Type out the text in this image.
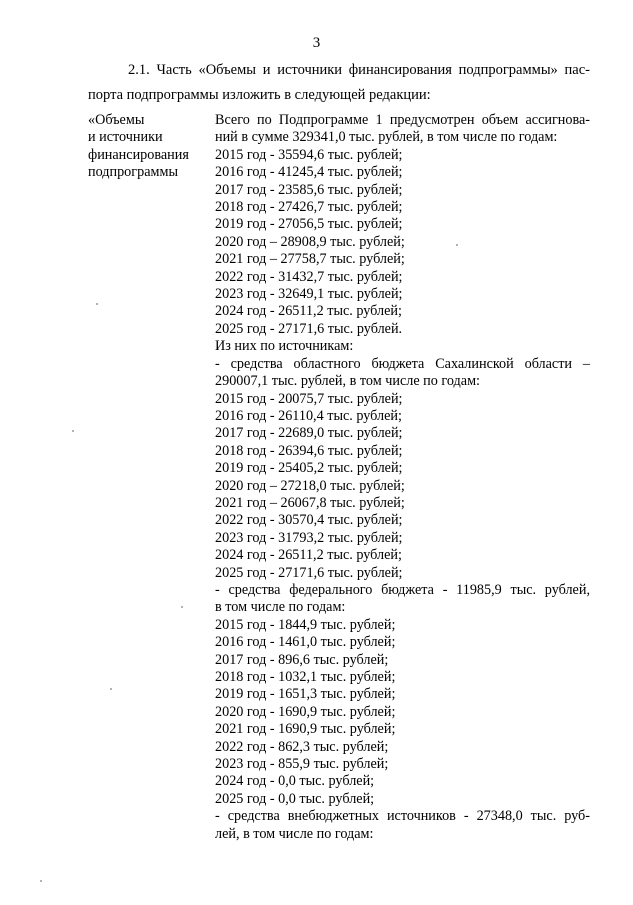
3
2.1. Часть «Объемы и источники финансирования подпрограммы» пас-
порта подпрограммы изложить в следующей редакции:
«Объемы
и источники
финансирования
подпрограммы
Всего по Подпрограмме 1 предусмотрен объем ассигнова-
ний в сумме 329341,0 тыс. рублей, в том числе по годам:
2015 год - 35594,6 тыс. рублей;
2016 год - 41245,4 тыс. рублей;
2017 год - 23585,6 тыс. рублей;
2018 год - 27426,7 тыс. рублей;
2019 год - 27056,5 тыс. рублей;
2020 год – 28908,9 тыс. рублей;
2021 год – 27758,7 тыс. рублей;
2022 год - 31432,7 тыс. рублей;
2023 год - 32649,1 тыс. рублей;
2024 год - 26511,2 тыс. рублей;
2025 год - 27171,6 тыс. рублей.
Из них по источникам:
- средства областного бюджета Сахалинской области –
290007,1 тыс. рублей, в том числе по годам:
2015 год - 20075,7 тыс. рублей;
2016 год - 26110,4 тыс. рублей;
2017 год - 22689,0 тыс. рублей;
2018 год - 26394,6 тыс. рублей;
2019 год - 25405,2 тыс. рублей;
2020 год – 27218,0 тыс. рублей;
2021 год – 26067,8 тыс. рублей;
2022 год - 30570,4 тыс. рублей;
2023 год - 31793,2 тыс. рублей;
2024 год - 26511,2 тыс. рублей;
2025 год - 27171,6 тыс. рублей;
- средства федерального бюджета - 11985,9 тыс. рублей,
в том числе по годам:
2015 год - 1844,9 тыс. рублей;
2016 год - 1461,0 тыс. рублей;
2017 год - 896,6 тыс. рублей;
2018 год - 1032,1 тыс. рублей;
2019 год - 1651,3 тыс. рублей;
2020 год - 1690,9 тыс. рублей;
2021 год - 1690,9 тыс. рублей;
2022 год - 862,3 тыс. рублей;
2023 год - 855,9 тыс. рублей;
2024 год - 0,0 тыс. рублей;
2025 год - 0,0 тыс. рублей;
- средства внебюджетных источников - 27348,0 тыс. руб-
лей, в том числе по годам:
